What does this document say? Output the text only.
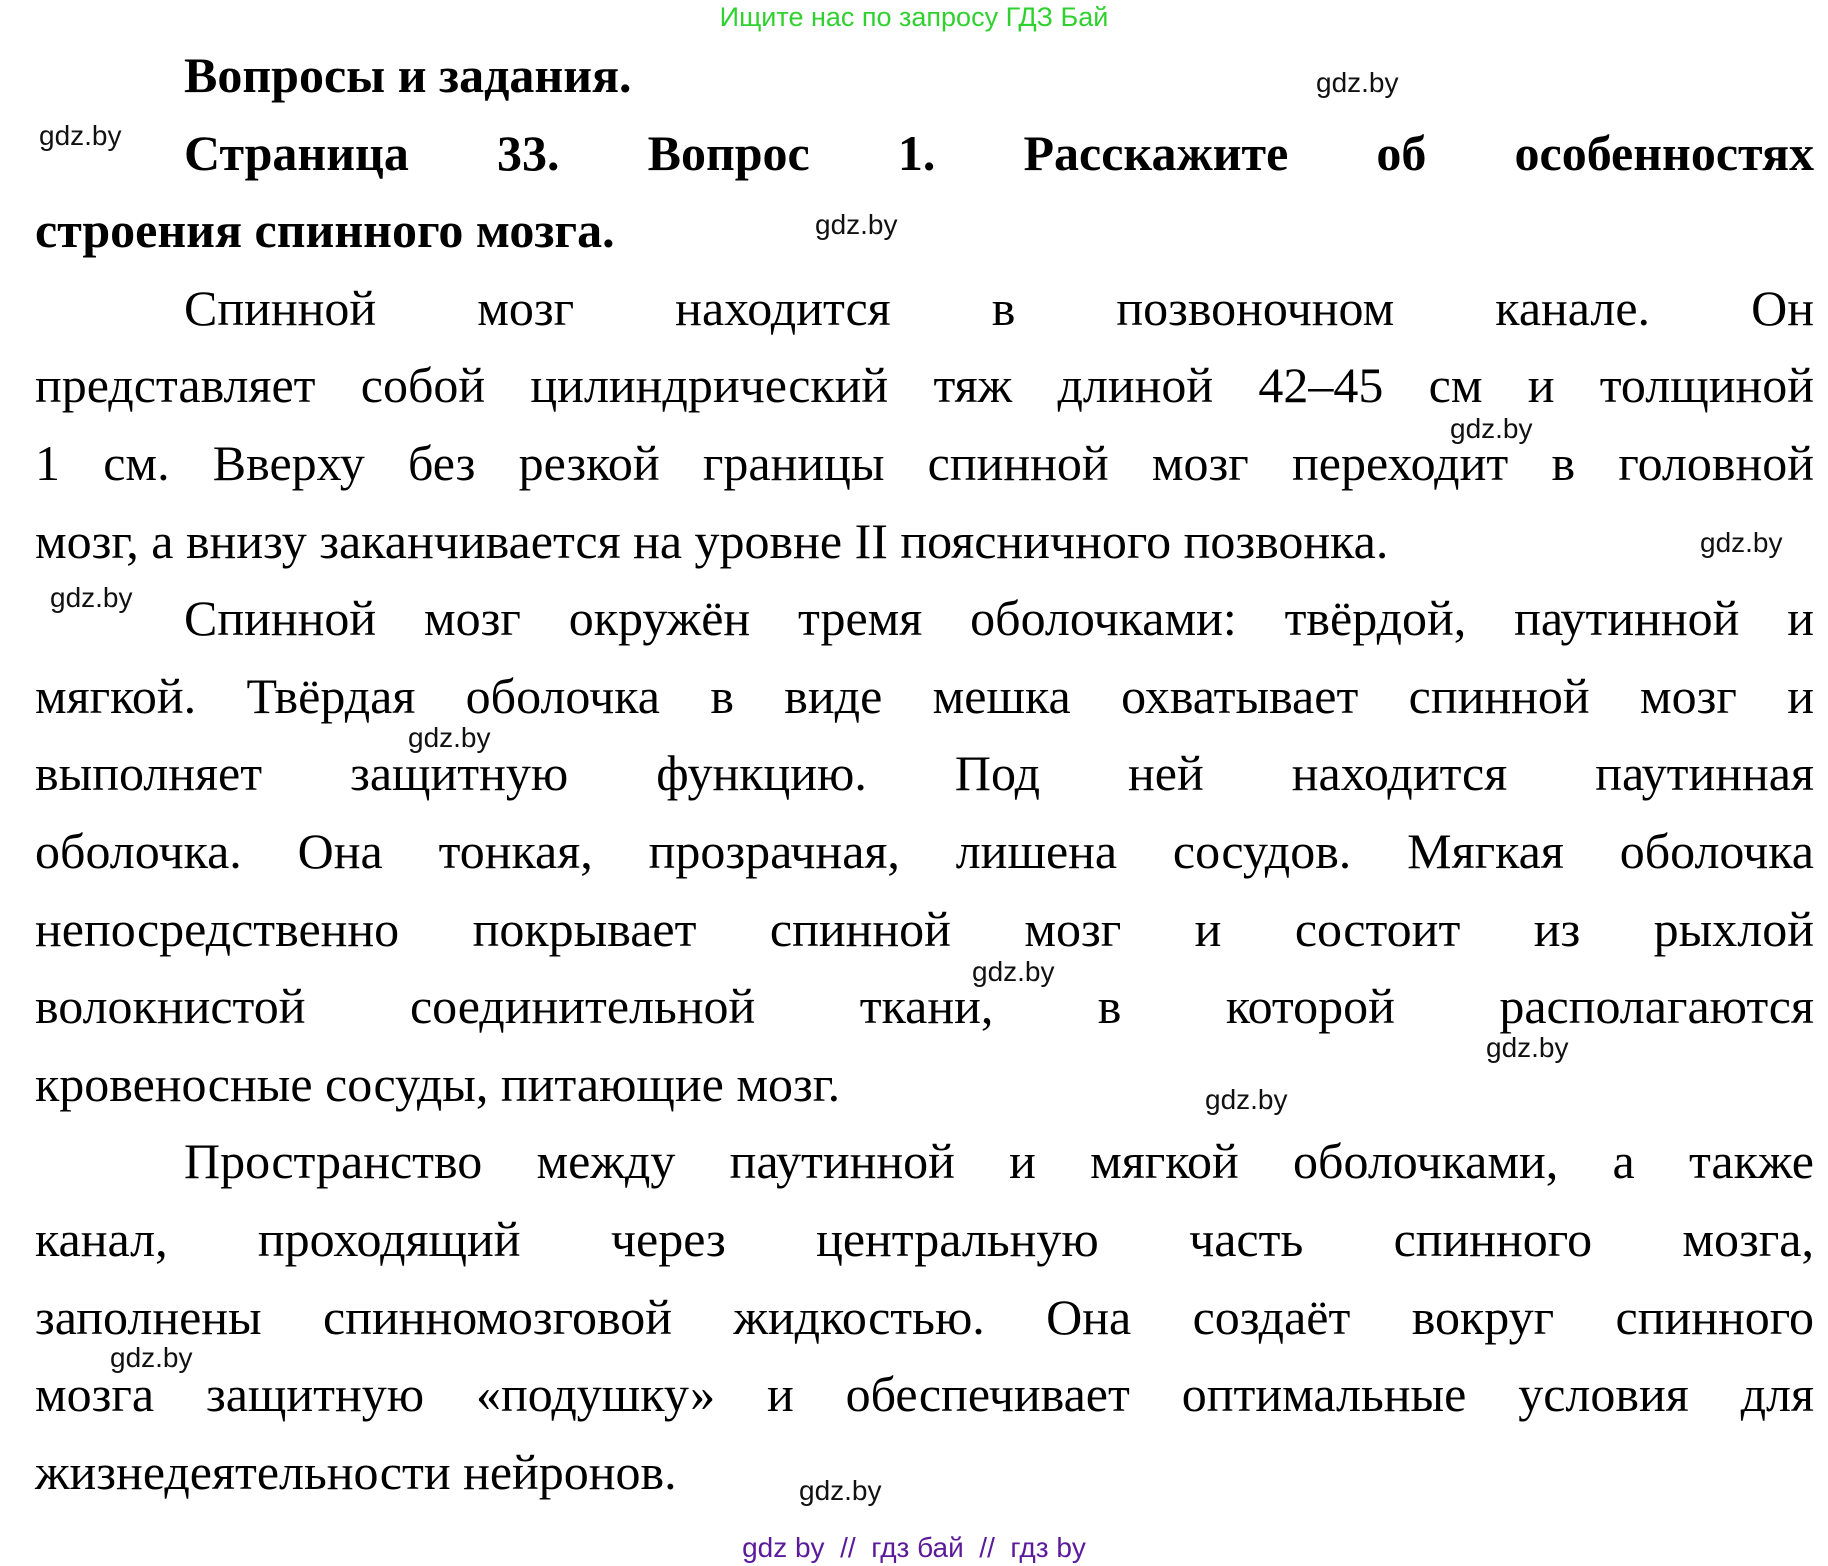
Ищите нас по запросу ГДЗ Бай
Вопросы и задания.
Страница 33. Вопрос 1. Расскажите об особенностях
строения спинного мозга.
Спинной мозг находится в позвоночном канале. Он
представляет собой цилиндрический тяж длиной 42–45 см и толщиной
1 см. Вверху без резкой границы спинной мозг переходит в головной
мозг, а внизу заканчивается на уровне II поясничного позвонка.
Спинной мозг окружён тремя оболочками: твёрдой, паутинной и
мягкой. Твёрдая оболочка в виде мешка охватывает спинной мозг и
выполняет защитную функцию. Под ней находится паутинная
оболочка. Она тонкая, прозрачная, лишена сосудов. Мягкая оболочка
непосредственно покрывает спинной мозг и состоит из рыхлой
волокнистой соединительной ткани, в которой располагаются
кровеносные сосуды, питающие мозг.
Пространство между паутинной и мягкой оболочками, а также
канал, проходящий через центральную часть спинного мозга,
заполнены спинномозговой жидкостью. Она создаёт вокруг спинного
мозга защитную «подушку» и обеспечивает оптимальные условия для
жизнедеятельности нейронов.
gdz.by
gdz.by
gdz.by
gdz.by
gdz.by
gdz.by
gdz.by
gdz.by
gdz.by
gdz.by
gdz.by
gdz.by
gdz by  //  гдз бай  //  гдз by
